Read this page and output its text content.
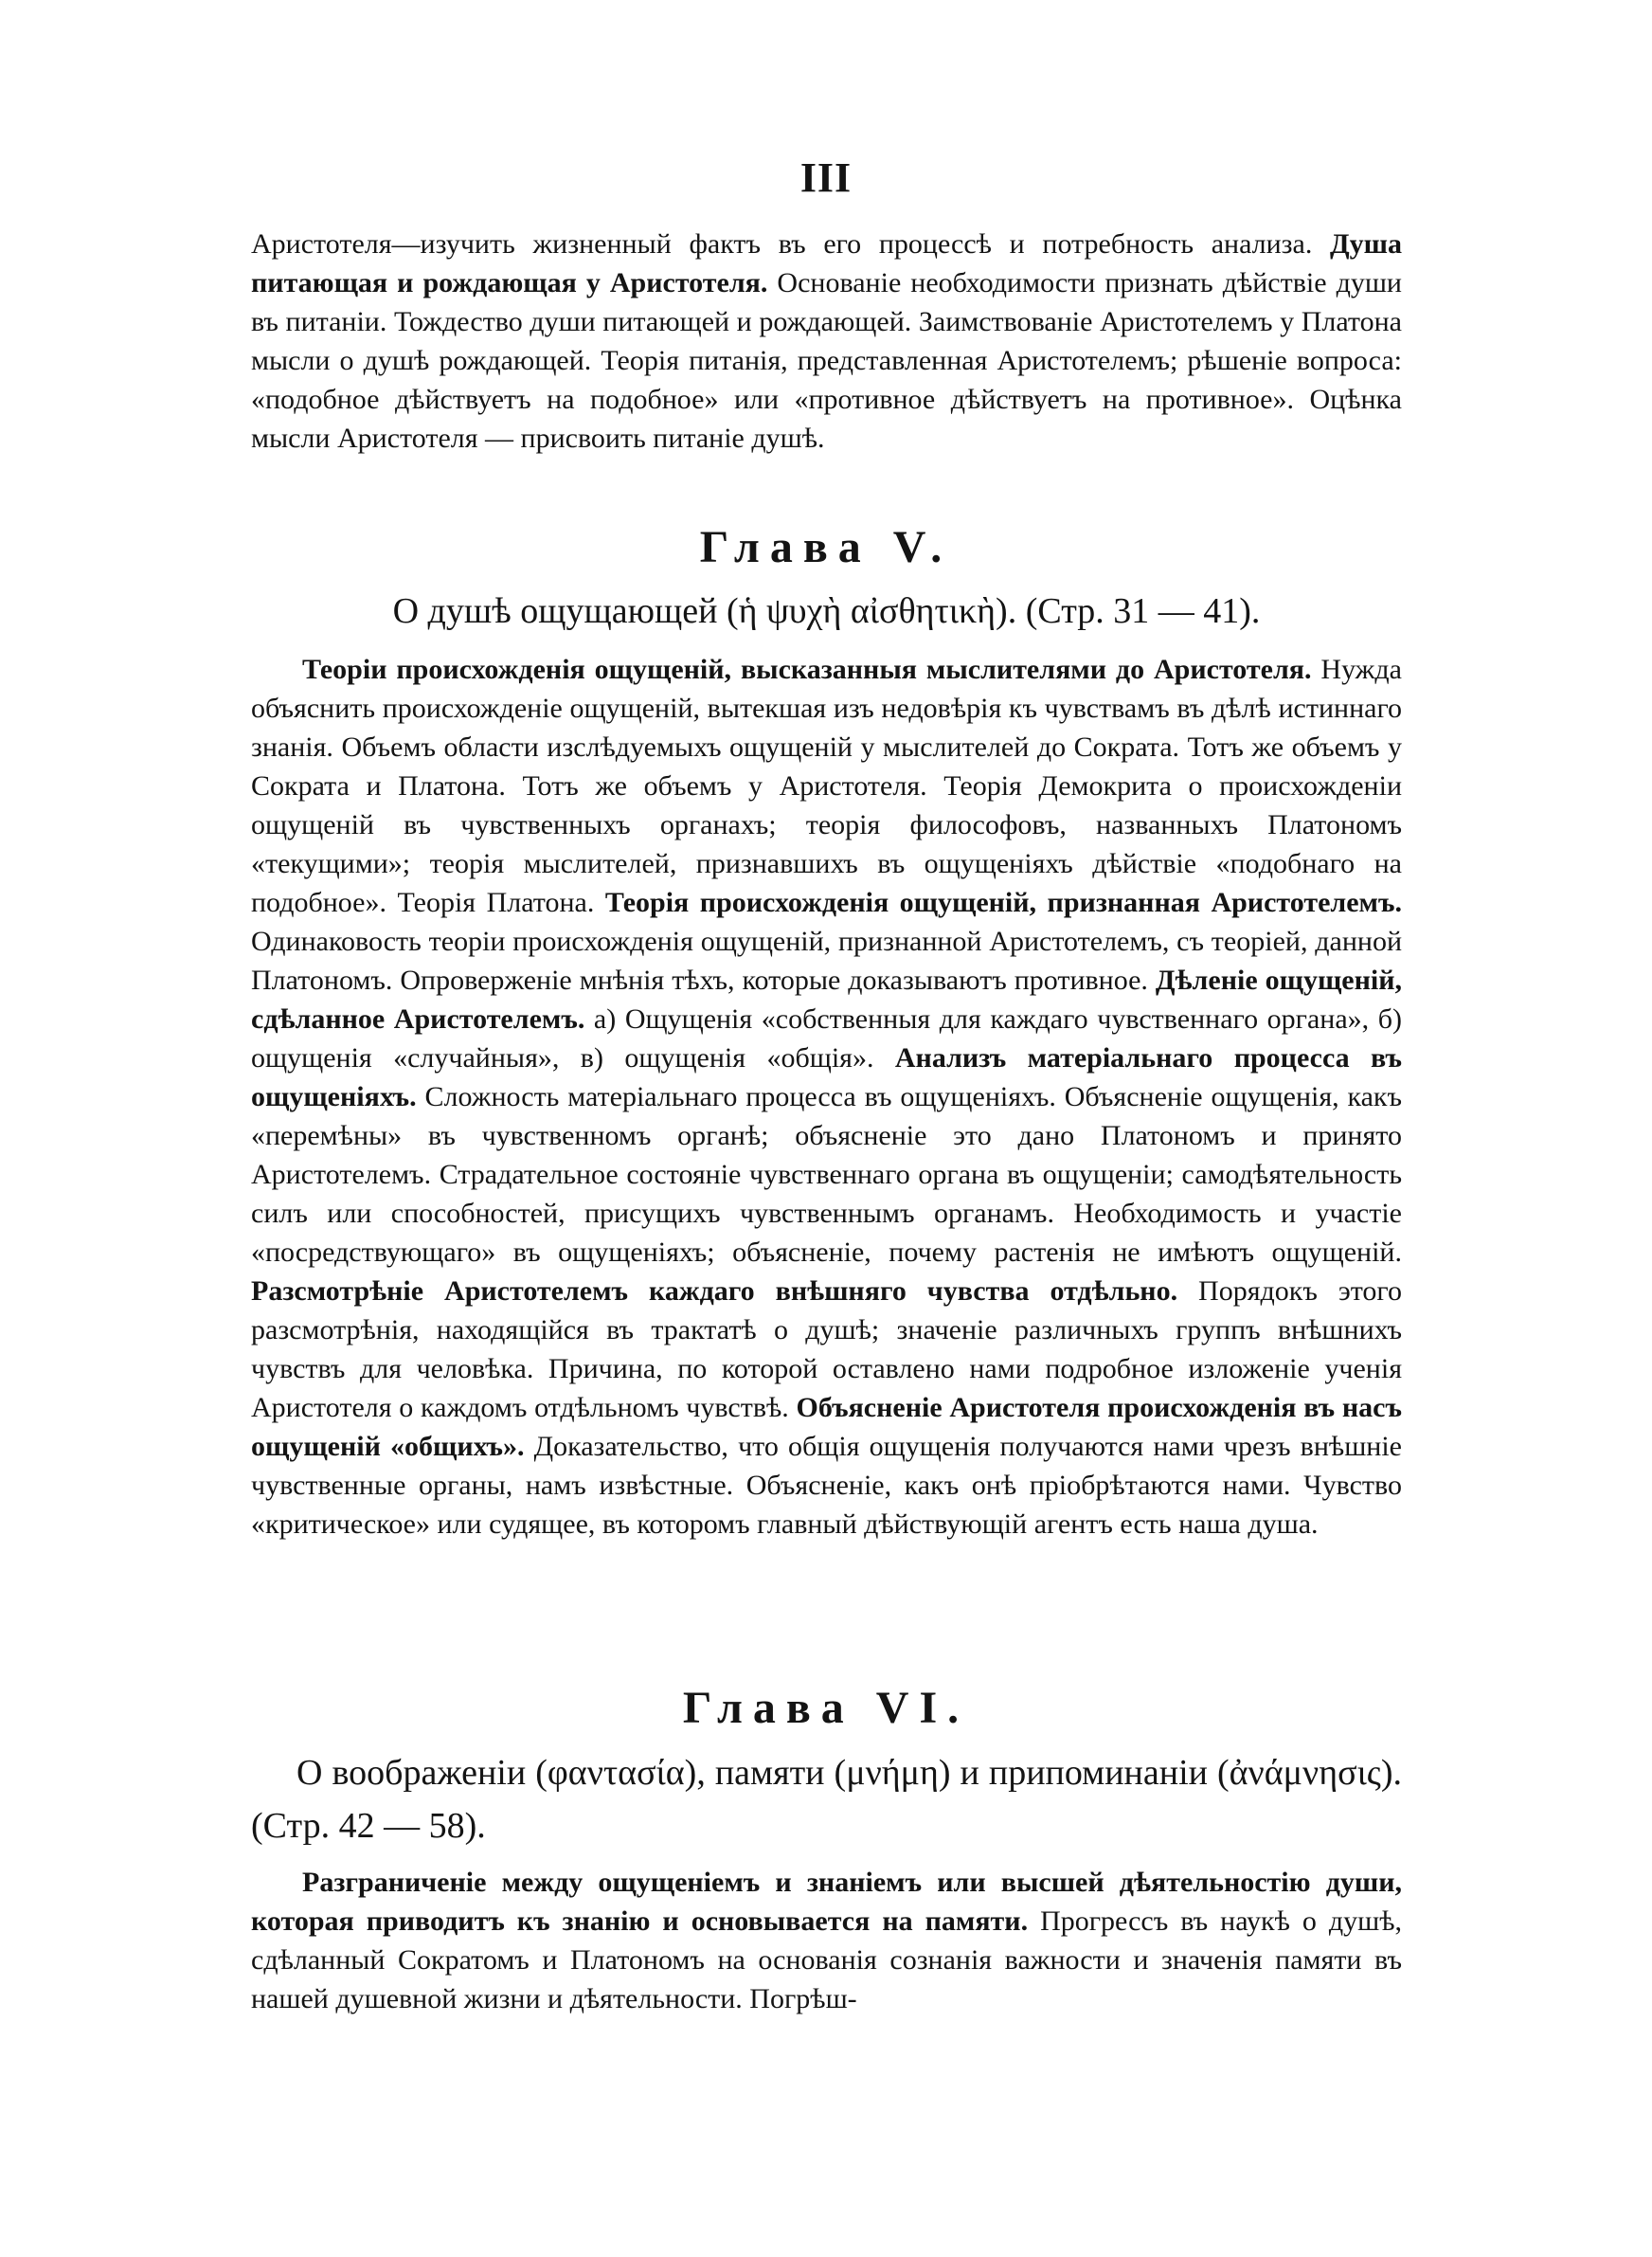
III
Аристотеля—изучить жизненный фактъ въ его процессѣ и потребность анализа. Душа питающая и рождающая у Аристотеля. Основанie необходимости признать дѣйствie души въ питанiи. Тождество души питающей и рождающей. Заимствованie Аристотелемъ у Платона мысли о душѣ рождающей. Теорiя питанiя, представленная Аристотелемъ; рѣшенie вопроса: «подобное дѣйствуетъ на подобное» или «противное дѣйствуетъ на противное». Оцѣнка мысли Аристотеля — присвоить питанie душѣ.
Глава V.
О душѣ ощущающей (ἡ ψυχὴ αἰσθητικὴ). (Стр. 31 — 41).
Теорiи происхожденiя ощущенiй, высказанныя мыслителями до Аристотеля. Нужда объяснить происхожденie ощущенiй, вытекшая изъ недовѣрiя къ чувствамъ въ дѣлѣ истиннаго знанiя. Объемъ области изслѣдуемыхъ ощущенiй у мыслителей до Сократа. Тотъ же объемъ у Сократа и Платона. Тотъ же объемъ у Аристотеля. Теорiя Демокрита о происхожденiи ощущенiй въ чувственныхъ органахъ; теорiя философовъ, названныхъ Платономъ «текущими»; теорiя мыслителей, признавшихъ въ ощущенiяхъ дѣйствie «подобнаго на подобное». Теорiя Платона. Теорiя происхожденiя ощущенiй, признанная Аристотелемъ. Одинаковость теорiи происхожденiя ощущенiй, признанной Аристотелемъ, съ теорiей, данной Платономъ. Опроверженie мнѣнiя тѣхъ, которые доказываютъ противное. Дѣленie ощущенiй, сдѣланное Аристотелемъ. а) Ощущенiя «собственныя для каждаго чувственнаго органа», б) ощущенiя «случайныя», в) ощущенiя «общiя». Анализъ матерiальнаго процесса въ ощущенiяхъ. Сложность матерiальнаго процесса въ ощущенiяхъ. Объясненie ощущенiя, какъ «перемѣны» въ чувственномъ органѣ; объясненie это дано Платономъ и принято Аристотелемъ. Страдательное состоянie чувственнаго органа въ ощущенiи; самодѣятельность силъ или способностей, присущихъ чувственнымъ органамъ. Необходимость и участie «посредствующаго» въ ощущенiяхъ; объясненie, почему растенiя не имѣютъ ощущенiй. Разсмотрѣнie Аристотелемъ каждаго внѣшняго чувства отдѣльно. Порядокъ этого разсмотрѣнiя, находящiйся въ трактатѣ о душѣ; значенie различныхъ группъ внѣшнихъ чувствъ для человѣка. Причина, по которой оставлено нами подробное изложенie ученiя Аристотеля о каждомъ отдѣльномъ чувствѣ. Объясненie Аристотеля происхожденiя въ насъ ощущенiй «общихъ». Доказательство, что общiя ощущенiя получаются нами чрезъ внѣшнie чувственные органы, намъ извѣстные. Объясненie, какъ онѣ прiобрѣтаются нами. Чувство «критическое» или судящее, въ которомъ главный дѣйствующiй агентъ есть наша душа.
Глава VI.
О воображенiи (φαντασία), памяти (μνήμη) и припоминанiи (ἀνάμνησις). (Стр. 42 — 58).
Разграниченie между ощущенiемъ и знанiемъ или высшей дѣятельностiю души, которая приводитъ къ знанiю и основывается на памяти. Прогрессъ въ наукѣ о душѣ, сдѣланный Сократомъ и Платономъ на основанiя сознанiя важности и значенiя памяти въ нашей душевной жизни и дѣятельности. Погрѣш-
